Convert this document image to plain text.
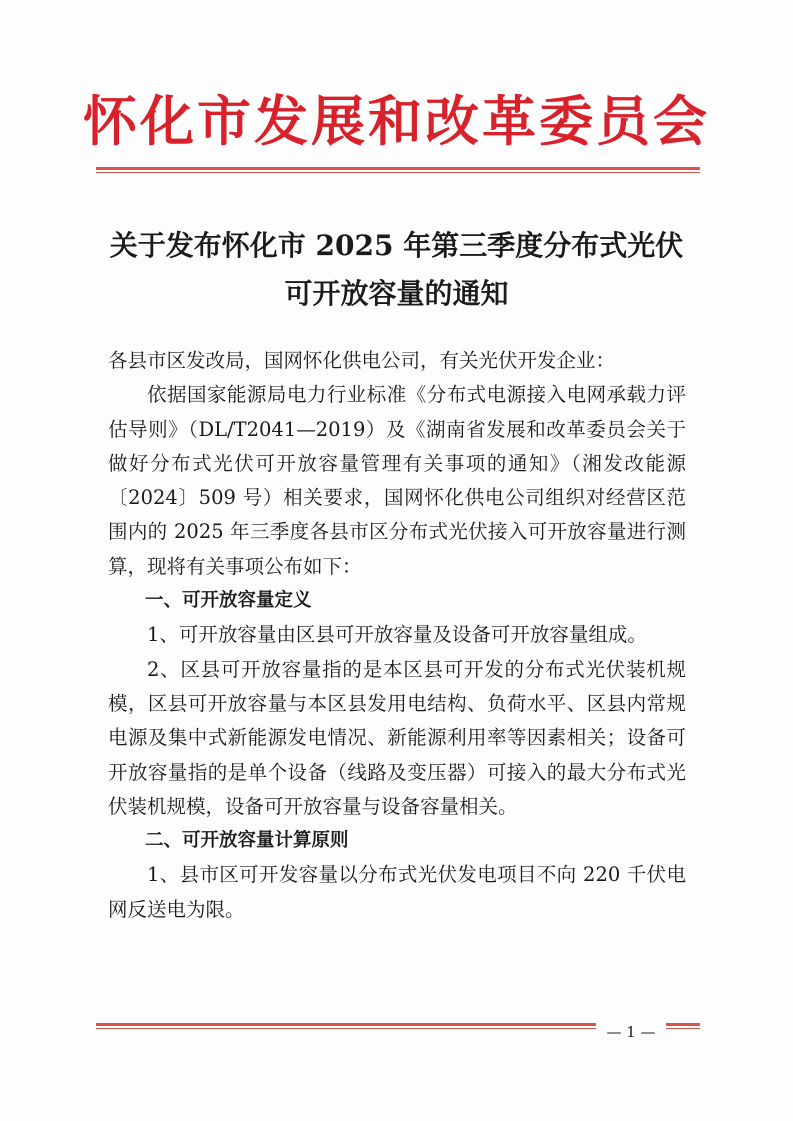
怀化市发展和改革委员会
关于发布怀化市 2025 年第三季度分布式光伏
可开放容量的通知

各县市区发改局，国网怀化供电公司，有关光伏开发企业：

依据国家能源局电力行业标准《分布式电源接入电网承载力评估导则》（DL/T2041—2019）及《湖南省发展和改革委员会关于做好分布式光伏可开放容量管理有关事项的通知》（湘发改能源〔2024〕509 号）相关要求，国网怀化供电公司组织对经营区范围内的 2025 年三季度各县市区分布式光伏接入可开放容量进行测算，现将有关事项公布如下：

一、可开放容量定义

1、可开放容量由区县可开放容量及设备可开放容量组成。

2、区县可开放容量指的是本区县可开发的分布式光伏装机规模，区县可开放容量与本区县发用电结构、负荷水平、区县内常规电源及集中式新能源发电情况、新能源利用率等因素相关；设备可开放容量指的是单个设备（线路及变压器）可接入的最大分布式光伏装机规模，设备可开放容量与设备容量相关。

二、可开放容量计算原则

1、县市区可开发容量以分布式光伏发电项目不向 220 千伏电网反送电为限。

— 1 —
